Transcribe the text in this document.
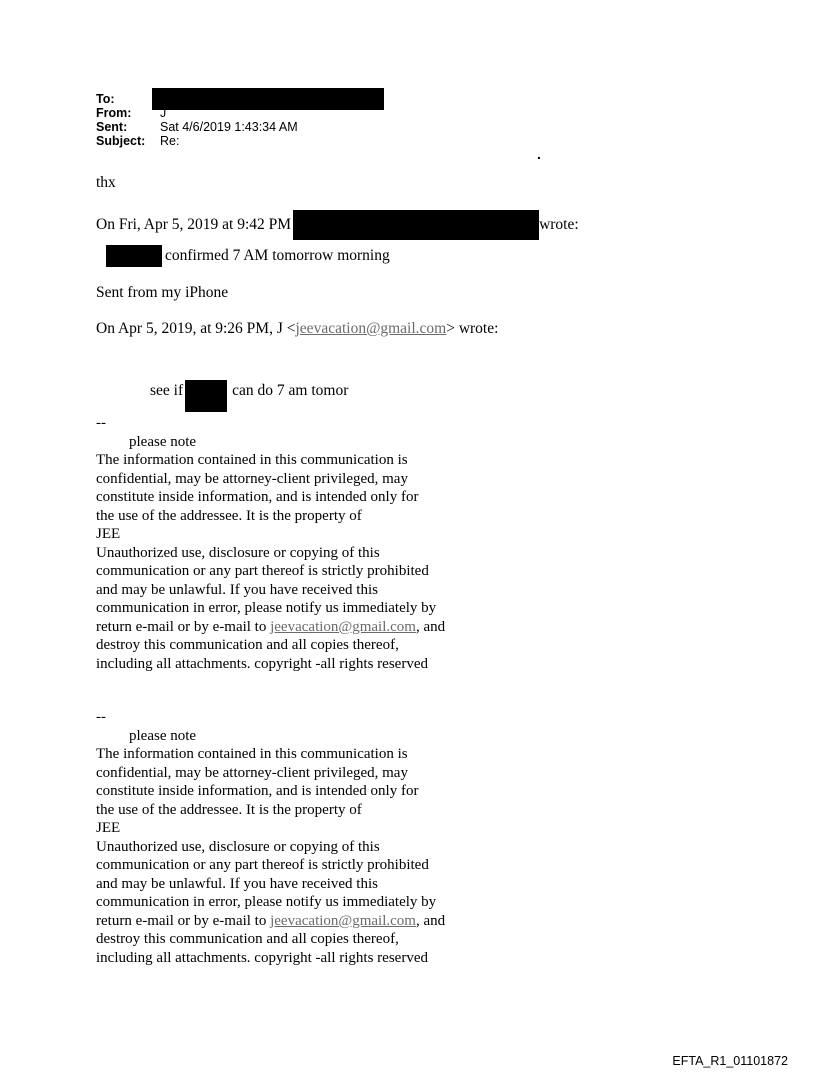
To:
From:	J
Sent:	Sat 4/6/2019 1:43:34 AM
Subject:	Re:
.
thx
On Fri, Apr 5, 2019 at 9:42 PM	wrote:
confirmed 7 AM tomorrow morning
Sent from my iPhone
On Apr 5, 2019, at 9:26 PM, J <jeevacation@gmail.com> wrote:
see if	can do 7 am tomor
--
please note
The information contained in this communication is
confidential, may be attorney-client privileged, may
constitute inside information, and is intended only for
the use of the addressee. It is the property of
JEE
Unauthorized use, disclosure or copying of this
communication or any part thereof is strictly prohibited
and may be unlawful. If you have received this
communication in error, please notify us immediately by
return e-mail or by e-mail to jeevacation@gmail.com, and
destroy this communication and all copies thereof,
including all attachments. copyright -all rights reserved
--
please note
The information contained in this communication is
confidential, may be attorney-client privileged, may
constitute inside information, and is intended only for
the use of the addressee. It is the property of
JEE
Unauthorized use, disclosure or copying of this
communication or any part thereof is strictly prohibited
and may be unlawful. If you have received this
communication in error, please notify us immediately by
return e-mail or by e-mail to jeevacation@gmail.com, and
destroy this communication and all copies thereof,
including all attachments. copyright -all rights reserved
EFTA_R1_01101872
